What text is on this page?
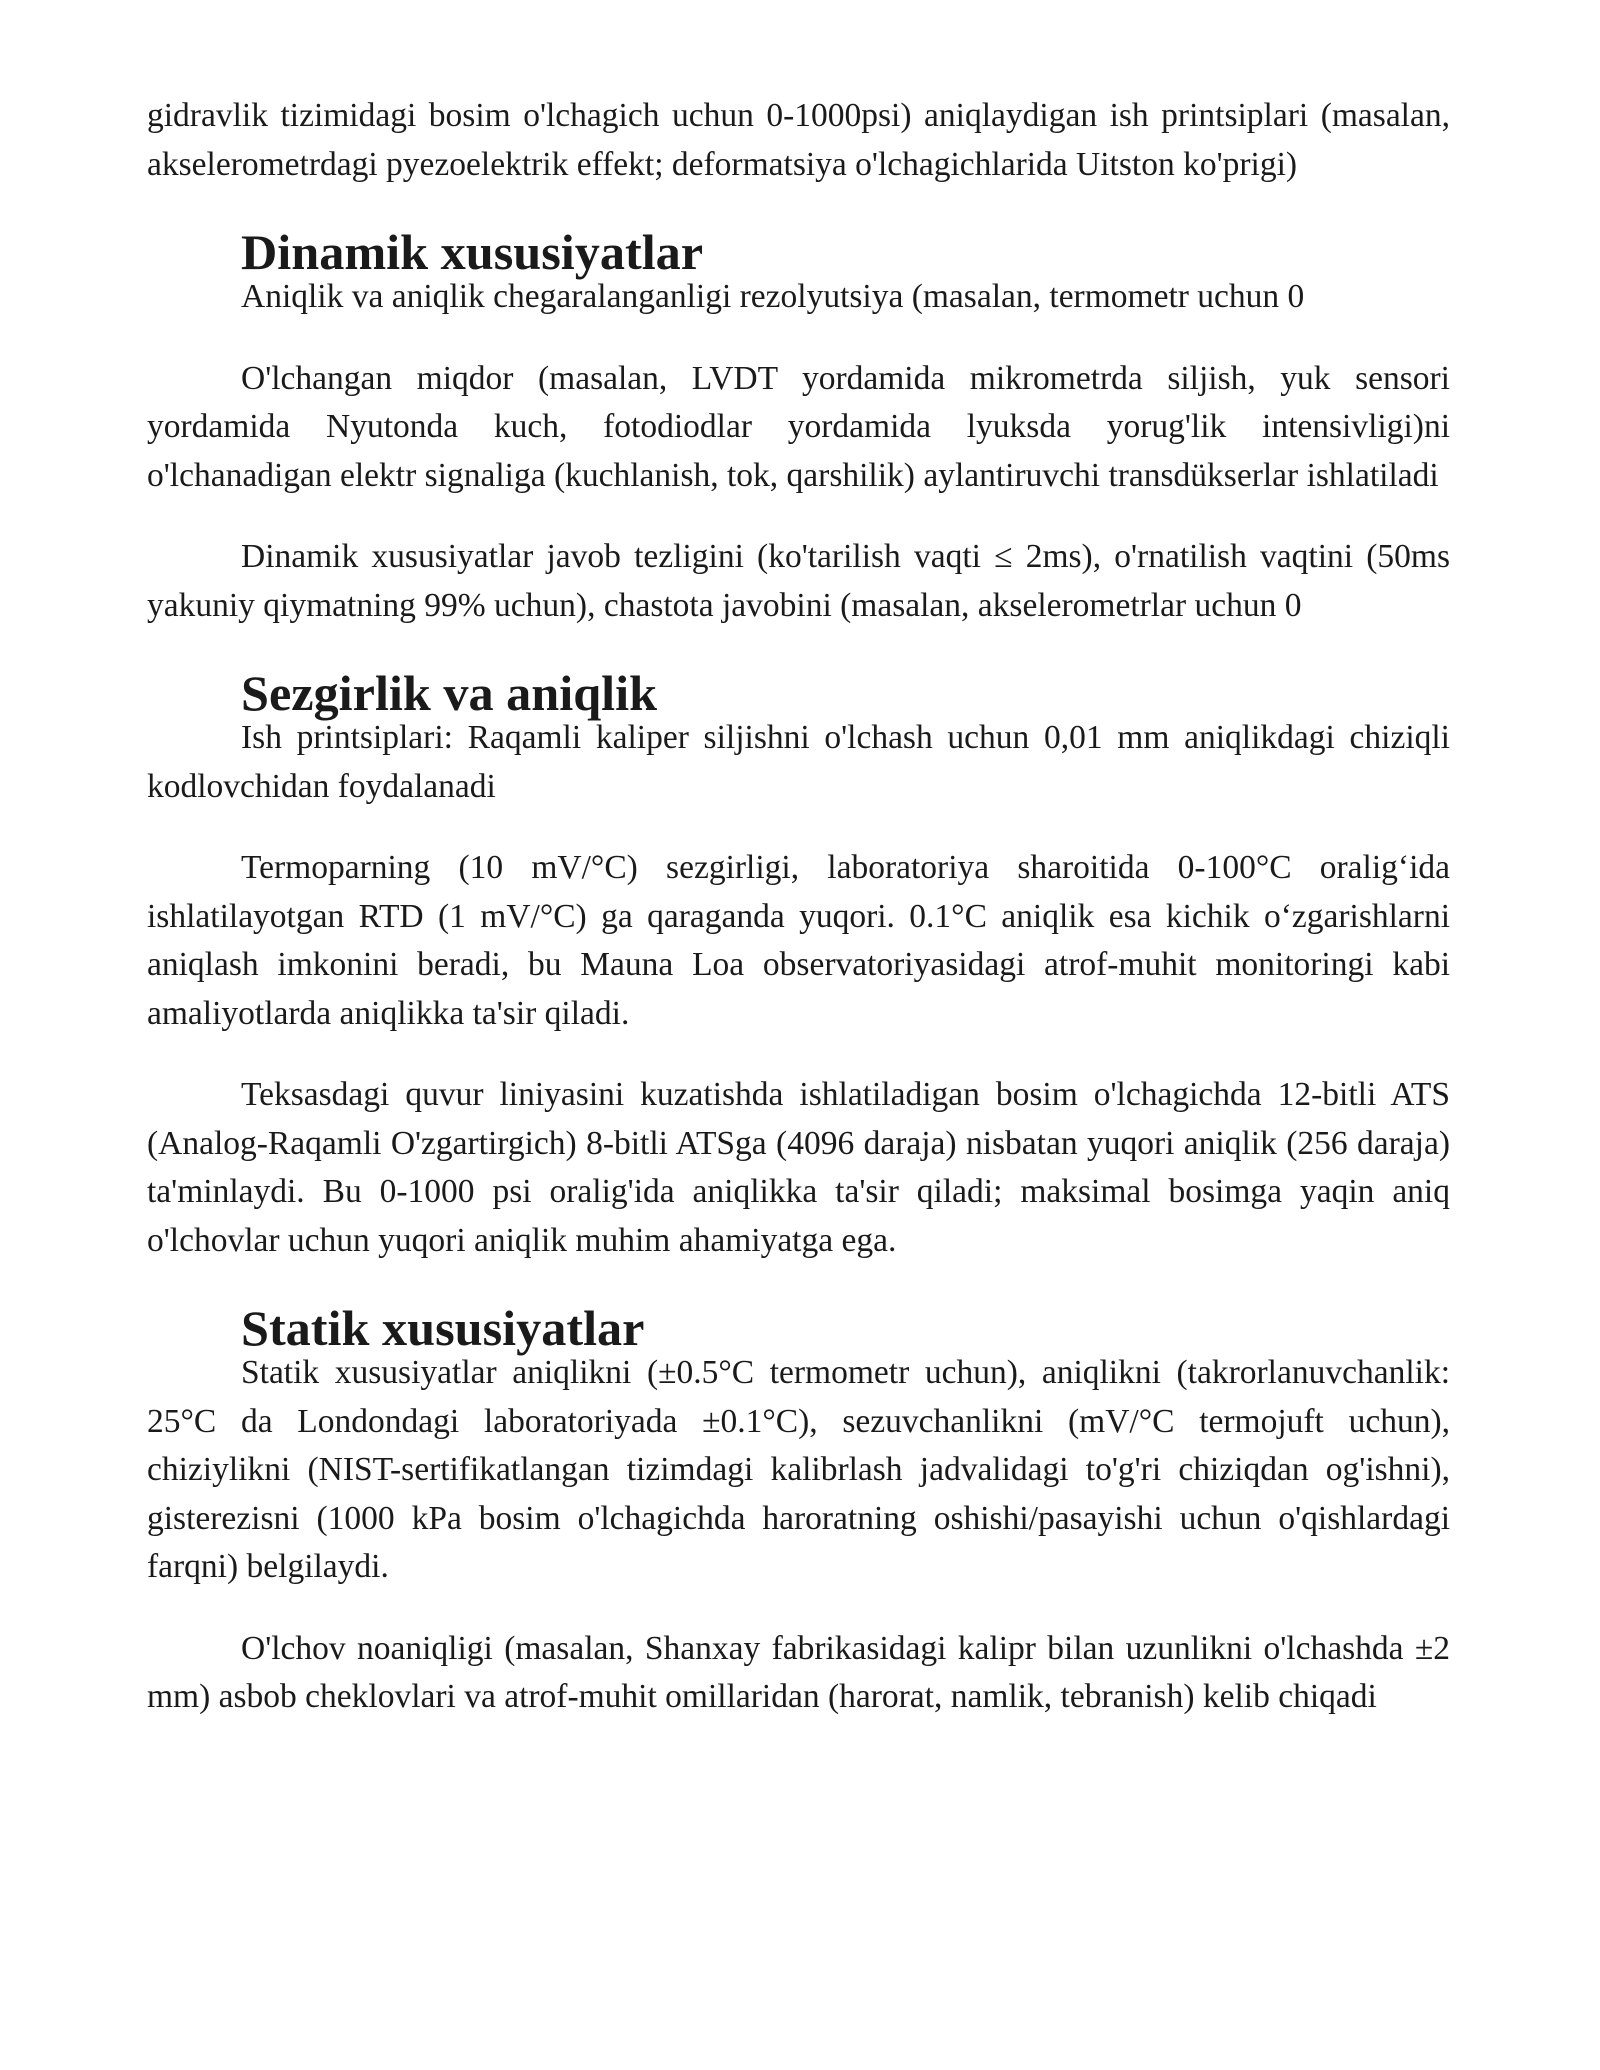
gidravlik tizimidagi bosim o'lchagich uchun 0-1000psi) aniqlaydigan ish printsiplari (masalan, akselerometrdagi pyezoelektrik effekt; deformatsiya o'lchagichlarida Uitston ko'prigi)

Dinamik xususiyatlar

Aniqlik va aniqlik chegaralanganligi rezolyutsiya (masalan, termometr uchun 0

O'lchangan miqdor (masalan, LVDT yordamida mikrometrda siljish, yuk sensori yordamida Nyutonda kuch, fotodiodlar yordamida lyuksda yorug'lik intensivligi)ni o'lchanadigan elektr signaliga (kuchlanish, tok, qarshilik) aylantiruvchi transdükserlar ishlatiladi

Dinamik xususiyatlar javob tezligini (ko'tarilish vaqti ≤ 2ms), o'rnatilish vaqtini (50ms yakuniy qiymatning 99% uchun), chastota javobini (masalan, akselerometrlar uchun 0

Sezgirlik va aniqlik

Ish printsiplari: Raqamli kaliper siljishni o'lchash uchun 0,01 mm aniqlikdagi chiziqli kodlovchidan foydalanadi

Termoparning (10 mV/°C) sezgirligi, laboratoriya sharoitida 0-100°C oralig‘ida ishlatilayotgan RTD (1 mV/°C) ga qaraganda yuqori. 0.1°C aniqlik esa kichik o‘zgarishlarni aniqlash imkonini beradi, bu Mauna Loa observatoriyasidagi atrof-muhit monitoringi kabi amaliyotlarda aniqlikka ta'sir qiladi.

Teksasdagi quvur liniyasini kuzatishda ishlatiladigan bosim o'lchagichda 12-bitli ATS (Analog-Raqamli O'zgartirgich) 8-bitli ATSga (4096 daraja) nisbatan yuqori aniqlik (256 daraja) ta'minlaydi. Bu 0-1000 psi oralig'ida aniqlikka ta'sir qiladi; maksimal bosimga yaqin aniq o'lchovlar uchun yuqori aniqlik muhim ahamiyatga ega.

Statik xususiyatlar

Statik xususiyatlar aniqlikni (±0.5°C termometr uchun), aniqlikni (takrorlanuvchanlik: 25°C da Londondagi laboratoriyada ±0.1°C), sezuvchanlikni (mV/°C termojuft uchun), chiziylikni (NIST-sertifikatlangan tizimdagi kalibrlash jadvalidagi to'g'ri chiziqdan og'ishni), gisterezisni (1000 kPa bosim o'lchagichda haroratning oshishi/pasayishi uchun o'qishlardagi farqni) belgilaydi.

O'lchov noaniqligi (masalan, Shanxay fabrikasidagi kalipr bilan uzunlikni o'lchashda ±2 mm) asbob cheklovlari va atrof-muhit omillaridan (harorat, namlik, tebranish) kelib chiqadi
